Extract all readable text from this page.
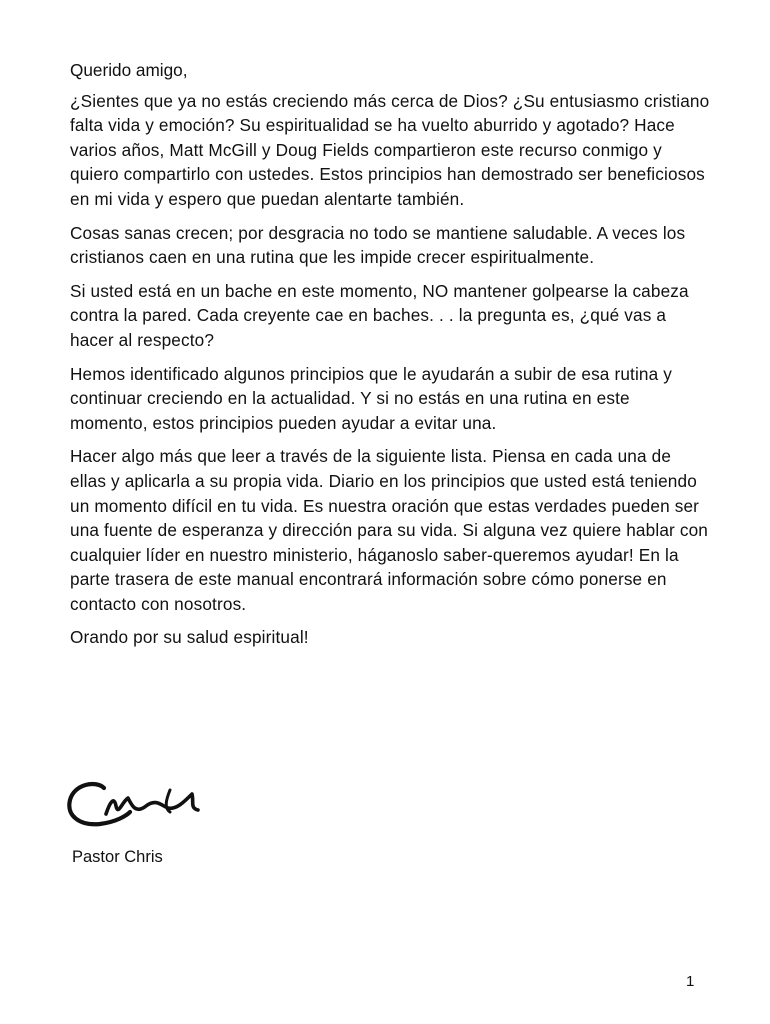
Querido amigo,

¿Sientes que ya no estás creciendo más cerca de Dios? ¿Su entusiasmo cristiano falta vida y emoción? Su espiritualidad se ha vuelto aburrido y agotado? Hace varios años, Matt McGill y Doug Fields compartieron este recurso conmigo y quiero compartirlo con ustedes. Estos principios han demostrado ser beneficiosos en mi vida y espero que puedan alentarte también.

Cosas sanas crecen; por desgracia no todo se mantiene saludable. A veces los cristianos caen en una rutina que les impide crecer espiritualmente.

Si usted está en un bache en este momento, NO mantener golpearse la cabeza contra la pared. Cada creyente cae en baches. . . la pregunta es, ¿qué vas a hacer al respecto?

Hemos identificado algunos principios que le ayudarán a subir de esa rutina y continuar creciendo en la actualidad. Y si no estás en una rutina en este momento, estos principios pueden ayudar a evitar una.

Hacer algo más que leer a través de la siguiente lista. Piensa en cada una de ellas y aplicarla a su propia vida. Diario en los principios que usted está teniendo un momento difícil en tu vida. Es nuestra oración que estas verdades pueden ser una fuente de esperanza y dirección para su vida. Si alguna vez quiere hablar con cualquier líder en nuestro ministerio, háganoslo saber-queremos ayudar! En la parte trasera de este manual encontrará información sobre cómo ponerse en contacto con nosotros.

Orando por su salud espiritual!

Pastor Chris
1
